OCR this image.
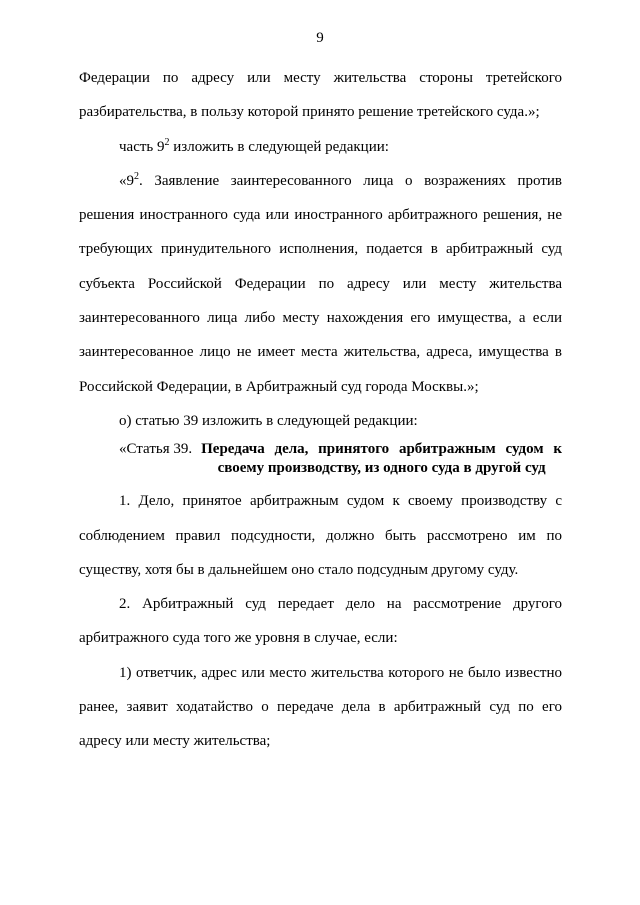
9

Федерации по адресу или месту жительства стороны третейского разбирательства, в пользу которой принято решение третейского суда.»;

часть $9^2$ изложить в следующей редакции:

«$9^2$. Заявление заинтересованного лица о возражениях против решения иностранного суда или иностранного арбитражного решения, не требующих принудительного исполнения, подается в арбитражный суд субъекта Российской Федерации по адресу или месту жительства заинтересованного лица либо месту нахождения его имущества, а если заинтересованное лицо не имеет места жительства, адреса, имущества в Российской Федерации, в Арбитражный суд города Москвы.»;

о) статью 39 изложить в следующей редакции:

«Статья 39. Передача дела, принятого арбитражным судом к своему производству, из одного суда в другой суд

1. Дело, принятое арбитражным судом к своему производству с соблюдением правил подсудности, должно быть рассмотрено им по существу, хотя бы в дальнейшем оно стало подсудным другому суду.

2. Арбитражный суд передает дело на рассмотрение другого арбитражного суда того же уровня в случае, если:

1) ответчик, адрес или место жительства которого не было известно ранее, заявит ходатайство о передаче дела в арбитражный суд по его адресу или месту жительства;
